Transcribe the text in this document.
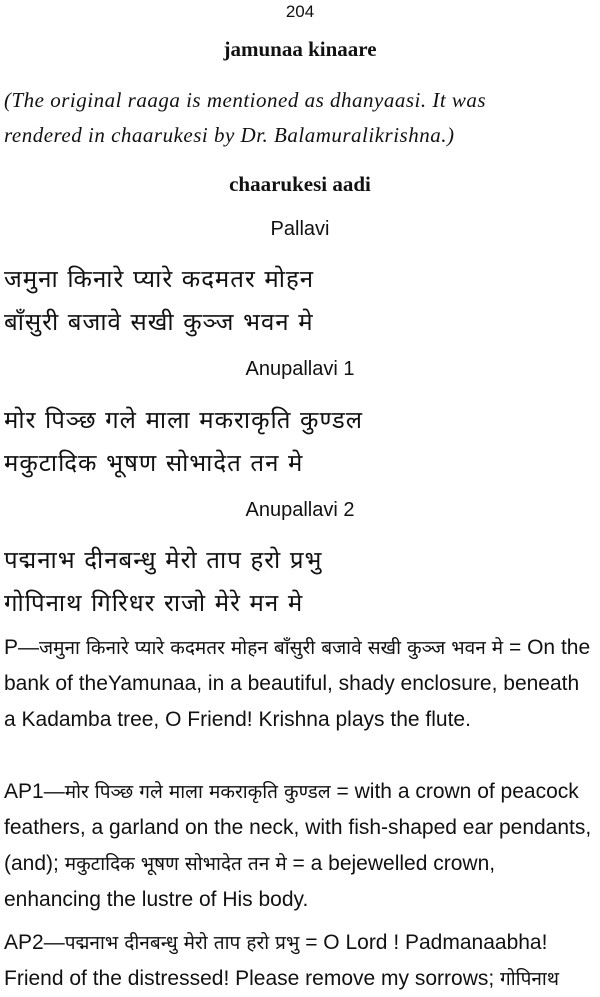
204
jamunaa kinaare
(The original raaga is mentioned as dhanyaasi. It was
rendered in chaarukesi by Dr. Balamuralikrishna.)
chaarukesi aadi
Pallavi
जमुना किनारे प्यारे कदमतर मोहन
बाँसुरी बजावे सखी कुञ्ज भवन मे
Anupallavi 1
मोर पिञ्छ गले माला मकराकृति कुण्डल
मकुटादिक भूषण सोभादेत तन मे
Anupallavi 2
पद्मनाभ दीनबन्धु मेरो ताप हरो प्रभु
गोपिनाथ गिरिधर राजो मेरे मन मे
P—जमुना किनारे प्यारे कदमतर मोहन बाँसुरी बजावे सखी कुञ्ज भवन मे = On the bank of theYamunaa, in a beautiful, shady enclosure, beneath a Kadamba tree, O Friend! Krishna plays the flute.
AP1—मोर पिञ्छ गले माला मकराकृति कुण्डल = with a crown of peacock feathers, a garland on the neck, with fish-shaped ear pendants, (and); मकुटादिक भूषण सोभादेत तन मे = a bejewelled crown, enhancing the lustre of His body.
AP2—पद्मनाभ दीनबन्धु मेरो ताप हरो प्रभु = O Lord ! Padmanaabha! Friend of the distressed! Please remove my sorrows; गोपिनाथ
